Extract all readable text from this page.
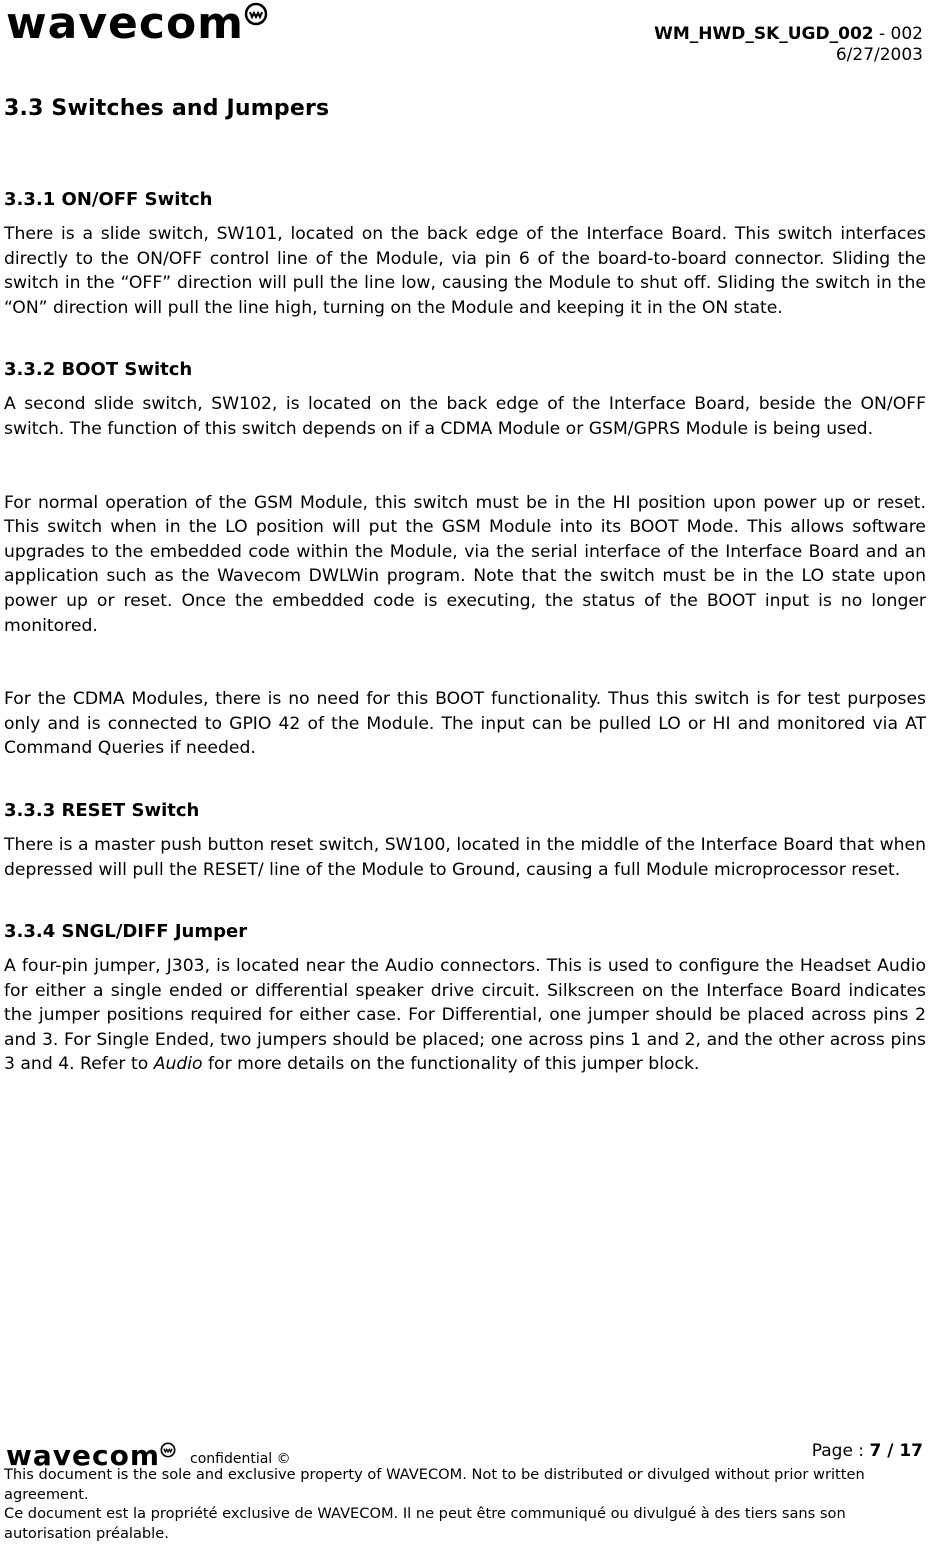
wavecom	WM_HWD_SK_UGD_002 - 002
6/27/2003
3.3 Switches and Jumpers
3.3.1 ON/OFF Switch

There is a slide switch, SW101, located on the back edge of the Interface Board. This switch interfaces directly to the ON/OFF control line of the Module, via pin 6 of the board-to-board connector. Sliding the switch in the “OFF” direction will pull the line low, causing the Module to shut off. Sliding the switch in the “ON” direction will pull the line high, turning on the Module and keeping it in the ON state.

3.3.2 BOOT Switch

A second slide switch, SW102, is located on the back edge of the Interface Board, beside the ON/OFF switch. The function of this switch depends on if a CDMA Module or GSM/GPRS Module is being used.

For normal operation of the GSM Module, this switch must be in the HI position upon power up or reset. This switch when in the LO position will put the GSM Module into its BOOT Mode. This allows software upgrades to the embedded code within the Module, via the serial interface of the Interface Board and an application such as the Wavecom DWLWin program. Note that the switch must be in the LO state upon power up or reset. Once the embedded code is executing, the status of the BOOT input is no longer monitored.

For the CDMA Modules, there is no need for this BOOT functionality. Thus this switch is for test purposes only and is connected to GPIO 42 of the Module. The input can be pulled LO or HI and monitored via AT Command Queries if needed.

3.3.3 RESET Switch

There is a master push button reset switch, SW100, located in the middle of the Interface Board that when depressed will pull the RESET/ line of the Module to Ground, causing a full Module microprocessor reset.

3.3.4 SNGL/DIFF Jumper

A four-pin jumper, J303, is located near the Audio connectors. This is used to configure the Headset Audio for either a single ended or differential speaker drive circuit. Silkscreen on the Interface Board indicates the jumper positions required for either case. For Differential, one jumper should be placed across pins 2 and 3. For Single Ended, two jumpers should be placed; one across pins 1 and 2, and the other across pins 3 and 4. Refer to Audio for more details on the functionality of this jumper block.

wavecom confidential ©	Page : 7 / 17
This document is the sole and exclusive property of WAVECOM. Not to be distributed or divulged without prior written agreement.
Ce document est la propriété exclusive de WAVECOM. Il ne peut être communiqué ou divulgué à des tiers sans son autorisation préalable.
